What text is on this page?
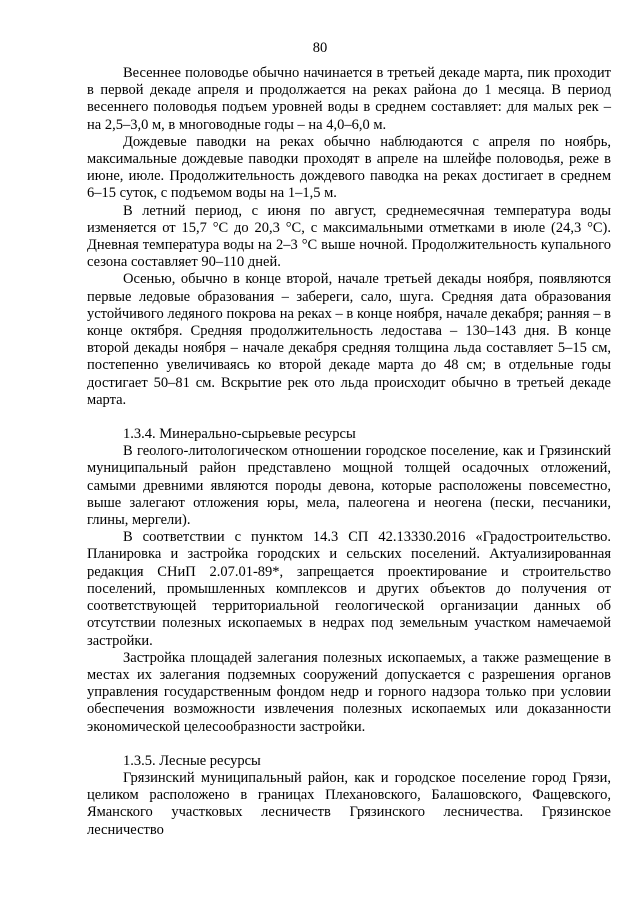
80

Весеннее половодье обычно начинается в третьей декаде марта, пик проходит в первой декаде апреля и продолжается на реках района до 1 месяца. В период весеннего половодья подъем уровней воды в среднем составляет: для малых рек – на 2,5–3,0 м, в многоводные годы – на 4,0–6,0 м.

Дождевые паводки на реках обычно наблюдаются с апреля по ноябрь, максимальные дождевые паводки проходят в апреле на шлейфе половодья, реже в июне, июле. Продолжительность дождевого паводка на реках достигает в среднем 6–15 суток, с подъемом воды на 1–1,5 м.

В летний период, с июня по август, среднемесячная температура воды изменяется от 15,7 °С до 20,3 °С, с максимальными отметками в июле (24,3 °С). Дневная температура воды на 2–3 °С выше ночной. Продолжительность купального сезона составляет 90–110 дней.

Осенью, обычно в конце второй, начале третьей декады ноября, появляются первые ледовые образования – забереги, сало, шуга. Средняя дата образования устойчивого ледяного покрова на реках – в конце ноября, начале декабря; ранняя – в конце октября. Средняя продолжительность ледостава – 130–143 дня. В конце второй декады ноября – начале декабря средняя толщина льда составляет 5–15 см, постепенно увеличиваясь ко второй декаде марта до 48 см; в отдельные годы достигает 50–81 см. Вскрытие рек ото льда происходит обычно в третьей декаде марта.

1.3.4. Минерально-сырьевые ресурсы

В геолого-литологическом отношении городское поселение, как и Грязинский муниципальный район представлено мощной толщей осадочных отложений, самыми древними являются породы девона, которые расположены повсеместно, выше залегают отложения юры, мела, палеогена и неогена (пески, песчаники, глины, мергели).

В соответствии с пунктом 14.3 СП 42.13330.2016 «Градостроительство. Планировка и застройка городских и сельских поселений. Актуализированная редакция СНиП 2.07.01-89*, запрещается проектирование и строительство поселений, промышленных комплексов и других объектов до получения от соответствующей территориальной геологической организации данных об отсутствии полезных ископаемых в недрах под земельным участком намечаемой застройки.

Застройка площадей залегания полезных ископаемых, а также размещение в местах их залегания подземных сооружений допускается с разрешения органов управления государственным фондом недр и горного надзора только при условии обеспечения возможности извлечения полезных ископаемых или доказанности экономической целесообразности застройки.

1.3.5. Лесные ресурсы

Грязинский муниципальный район, как и городское поселение город Грязи, целиком расположено в границах Плехановского, Балашовского, Фащевского, Яманского участковых лесничеств Грязинского лесничества. Грязинское лесничество
